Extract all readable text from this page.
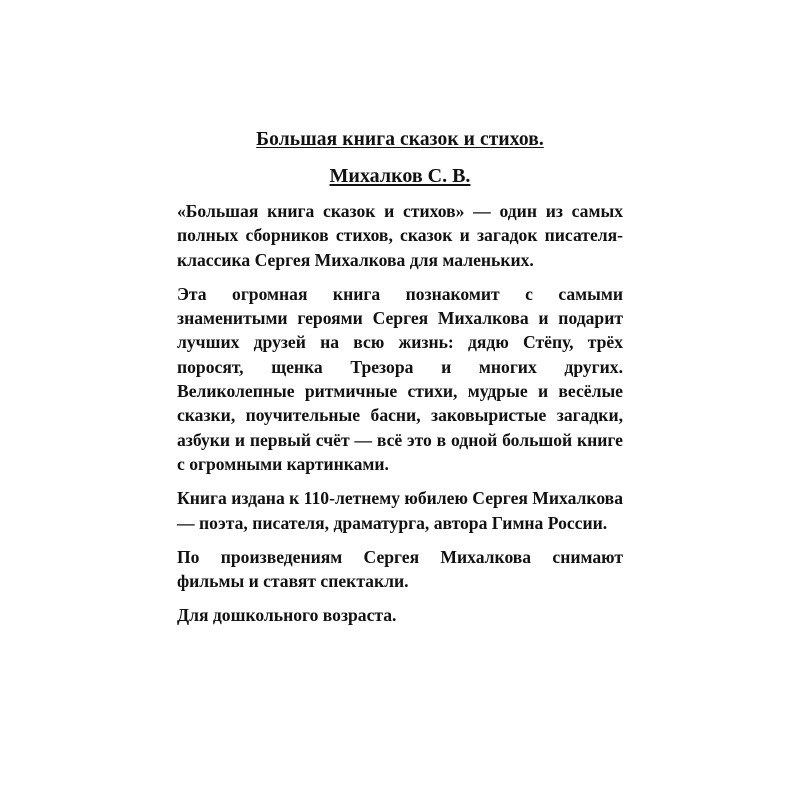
Большая книга сказок и стихов.
Михалков С. В.

«Большая книга сказок и стихов» — один из самых полных сборников стихов, сказок и загадок писателя-классика Сергея Михалкова для маленьких.

Эта огромная книга познакомит с самыми знаменитыми героями Сергея Михалкова и подарит лучших друзей на всю жизнь: дядю Стёпу, трёх поросят, щенка Трезора и многих других. Великолепные ритмичные стихи, мудрые и весёлые сказки, поучительные басни, заковыристые загадки, азбуки и первый счёт — всё это в одной большой книге с огромными картинками.

Книга издана к 110-летнему юбилею Сергея Михалкова — поэта, писателя, драматурга, автора Гимна России.

По произведениям Сергея Михалкова снимают фильмы и ставят спектакли.

Для дошкольного возраста.
